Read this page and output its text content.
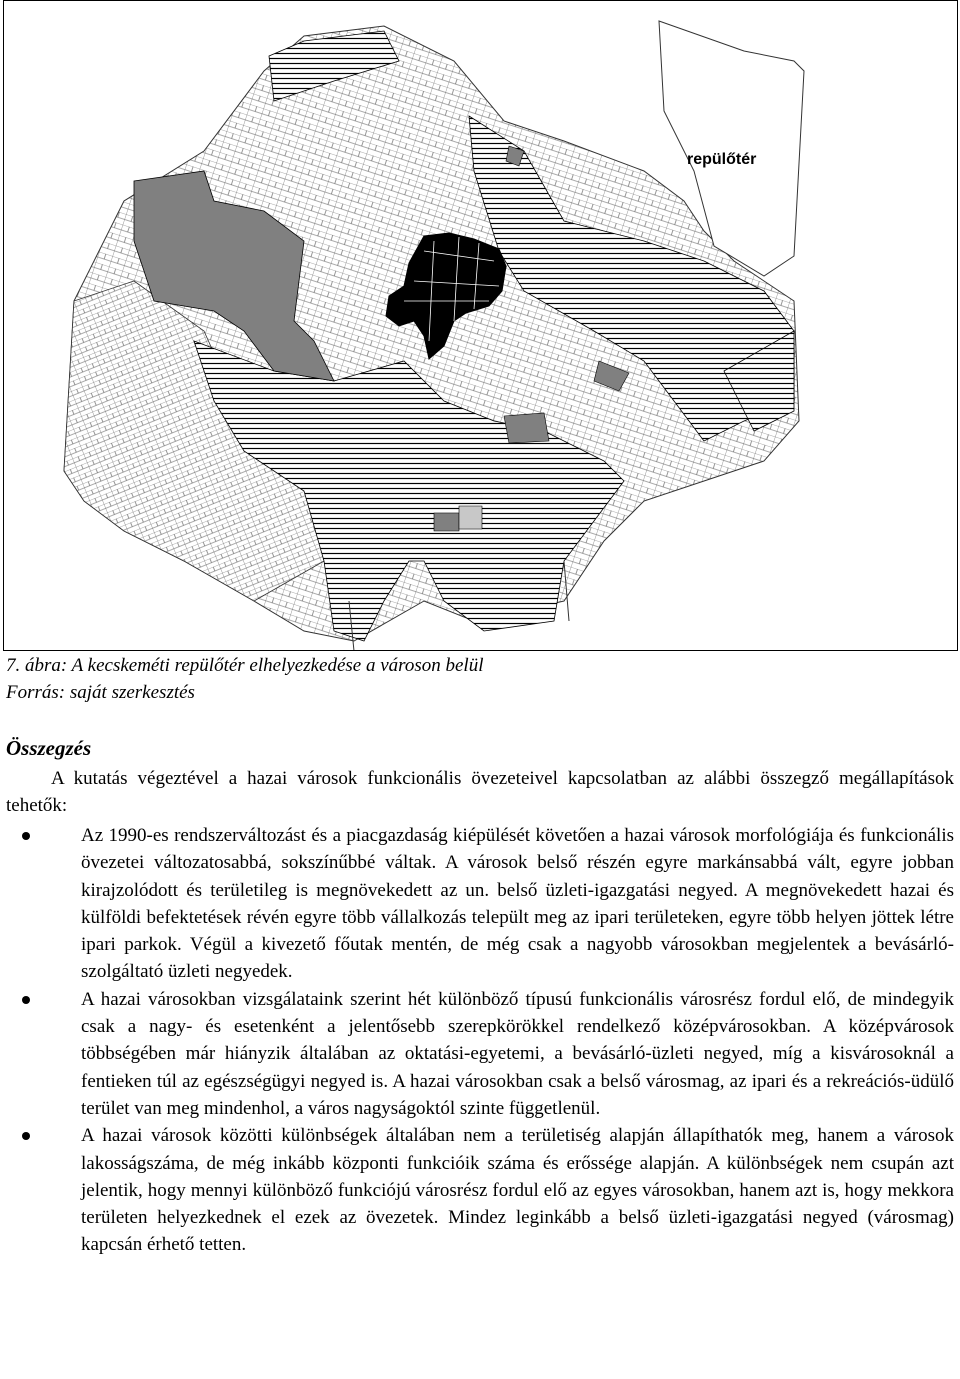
repülőtér
7. ábra: A kecskeméti repülőtér elhelyezkedése a városon belül
Forrás: saját szerkesztés
Összegzés
A kutatás végeztével a hazai városok funkcionális övezeteivel kapcsolatban az alábbi összegző megállapítások tehetők:
Az 1990-es rendszerváltozást és a piacgazdaság kiépülését követően a hazai városok morfológiája és funkcionális övezetei változatosabbá, sokszínűbbé váltak. A városok belső részén egyre markánsabbá vált, egyre jobban kirajzolódott és területileg is megnövekedett az un. belső üzleti-igazgatási negyed. A megnövekedett hazai és külföldi befektetések révén egyre több vállalkozás települt meg az ipari területeken, egyre több helyen jöttek létre ipari parkok. Végül a kivezető főutak mentén, de még csak a nagyobb városokban megjelentek a bevásárló-szolgáltató üzleti negyedek.
A hazai városokban vizsgálataink szerint hét különböző típusú funkcionális városrész fordul elő, de mindegyik csak a nagy- és esetenként a jelentősebb szerepkörökkel rendelkező középvárosokban. A középvárosok többségében már hiányzik általában az oktatási-egyetemi, a bevásárló-üzleti negyed, míg a kisvárosoknál a fentieken túl az egészségügyi negyed is. A hazai városokban csak a belső városmag, az ipari és a rekreációs-üdülő terület van meg mindenhol, a város nagyságoktól szinte függetlenül.
A hazai városok közötti különbségek általában nem a területiség alapján állapíthatók meg, hanem a városok lakosságszáma, de még inkább központi funkcióik száma és erőssége alapján. A különbségek nem csupán azt jelentik, hogy mennyi különböző funkciójú városrész fordul elő az egyes városokban, hanem azt is, hogy mekkora területen helyezkednek el ezek az övezetek. Mindez leginkább a belső üzleti-igazgatási negyed (városmag) kapcsán érhető tetten.
